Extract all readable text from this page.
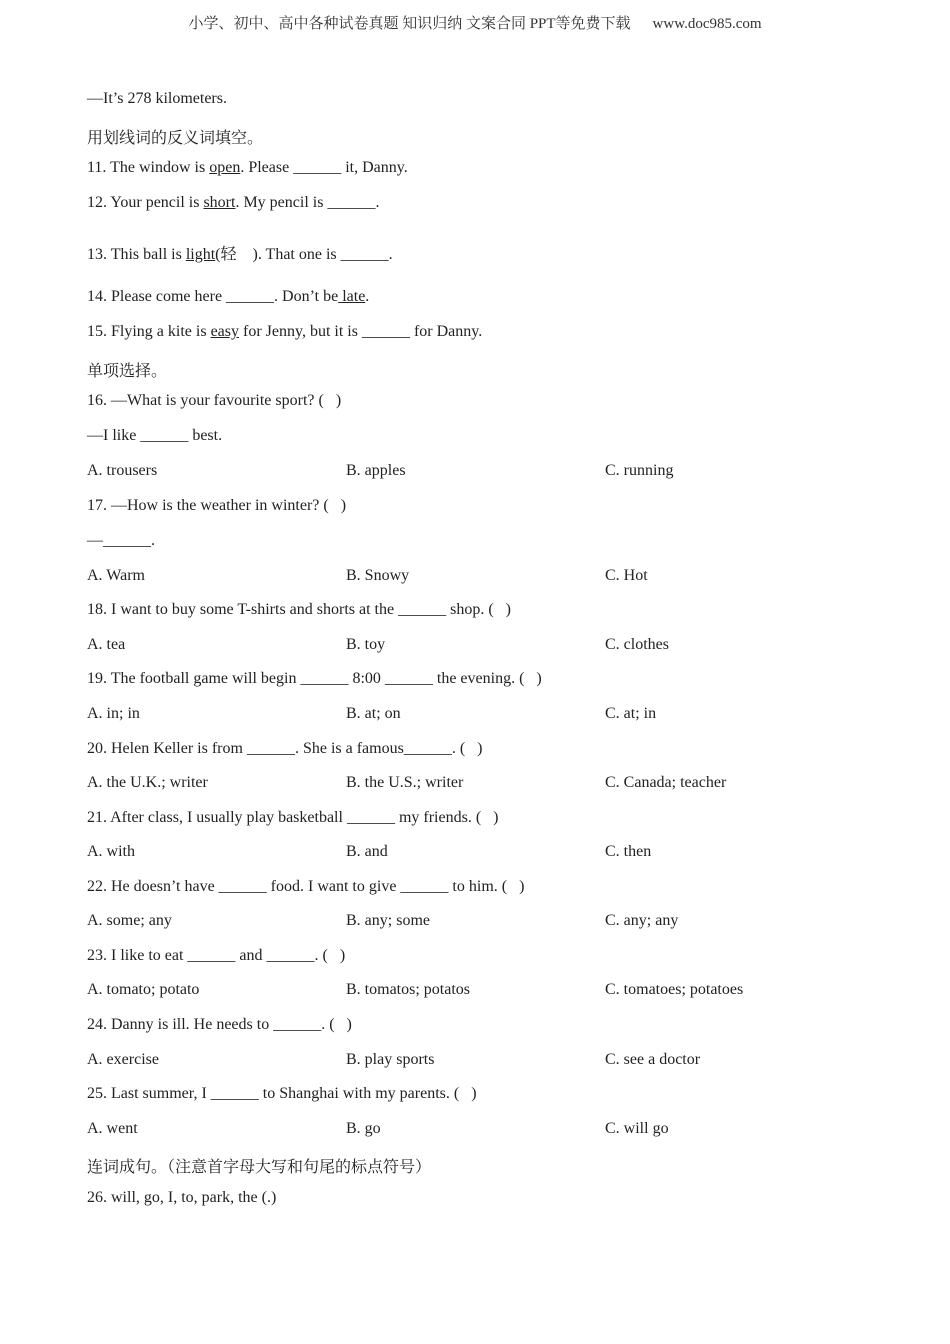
小学、初中、高中各种试卷真题 知识归纳 文案合同 PPT等免费下载 www.doc985.com
—It’s 278 kilometers.
用划线词的反义词填空。
11. The window is open. Please ______ it, Danny.
12. Your pencil is short. My pencil is ______.
13. This ball is light(轻    ). That one is ______.
14. Please come here ______. Don’t be late.
15. Flying a kite is easy for Jenny, but it is ______ for Danny.
单项选择。
16. —What is your favourite sport? (   )
—I like ______ best.
A. trousers	B. apples	C. running
17. —How is the weather in winter? (   )
—______.
A. Warm	B. Snowy	C. Hot
18. I want to buy some T-shirts and shorts at the ______ shop. (   )
A. tea	B. toy	C. clothes
19. The football game will begin ______ 8:00 ______ the evening. (   )
A. in; in	B. at; on	C. at; in
20. Helen Keller is from ______. She is a famous______. (   )
A. the U.K.; writer	B. the U.S.; writer	C. Canada; teacher
21. After class, I usually play basketball ______ my friends. (   )
A. with	B. and	C. then
22. He doesn’t have ______ food. I want to give ______ to him. (   )
A. some; any	B. any; some	C. any; any
23. I like to eat ______ and ______. (   )
A. tomato; potato	B. tomatos; potatos	C. tomatoes; potatoes
24. Danny is ill. He needs to ______. (   )
A. exercise	B. play sports	C. see a doctor
25. Last summer, I ______ to Shanghai with my parents. (   )
A. went	B. go	C. will go
连词成句。（注意首字母大写和句尾的标点符号）
26. will, go, I, to, park, the (.)
